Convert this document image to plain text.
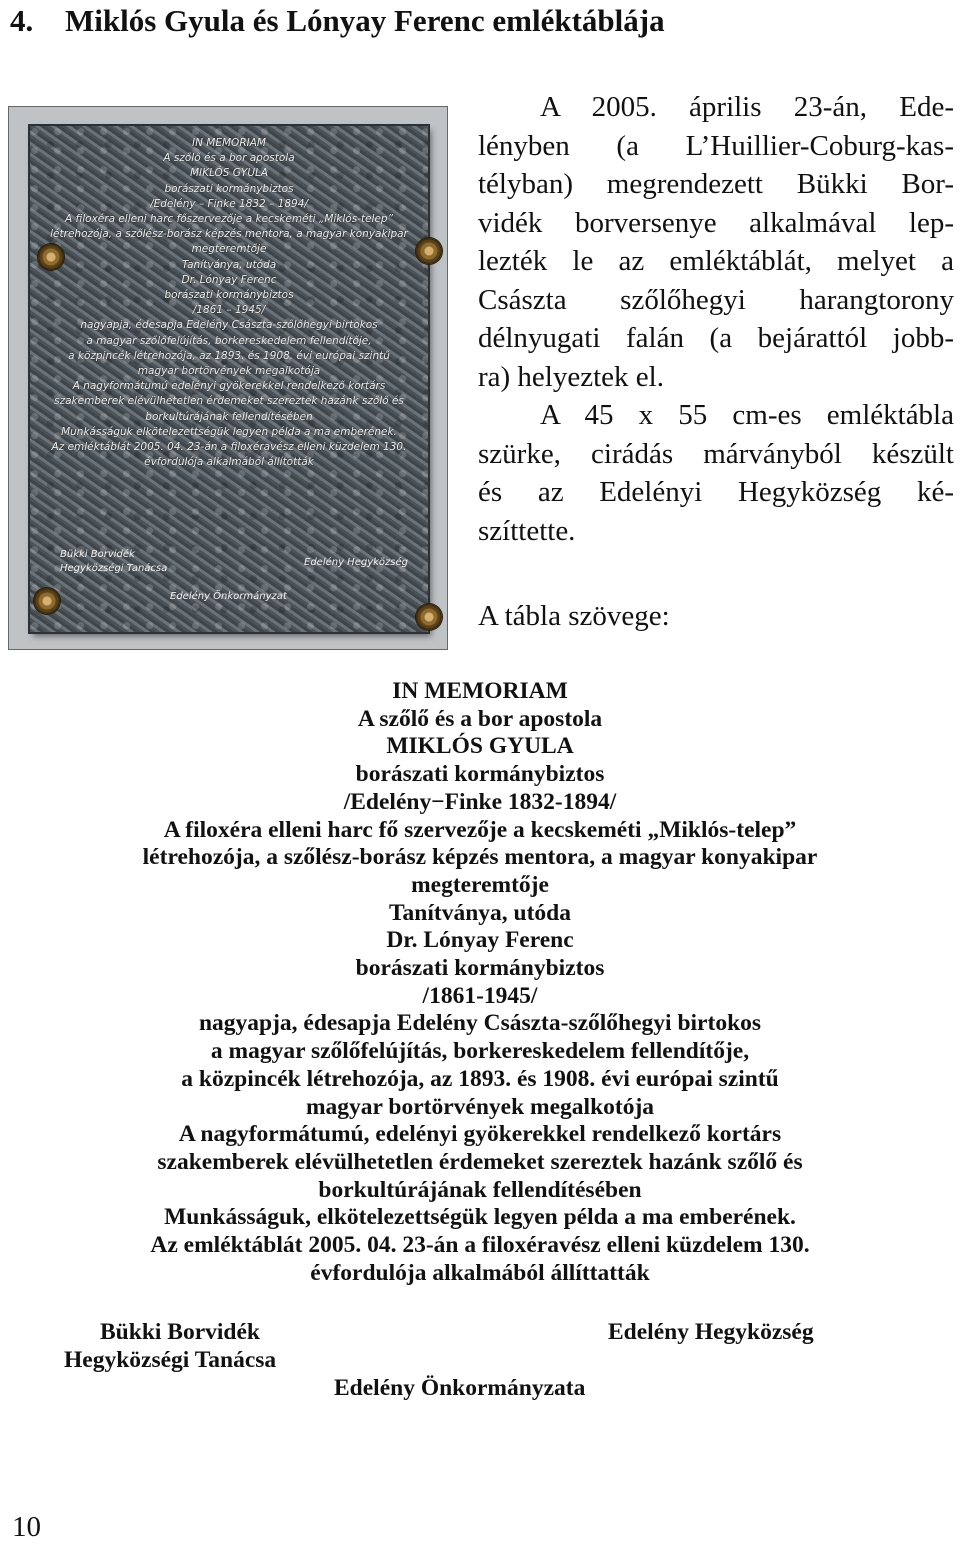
4. Miklós Gyula és Lónyay Ferenc emléktáblája
IN MEMORIAM
A szőlő és a bor apostola
MIKLÓS GYULA
borászati kormánybiztos
/Edelény – Finke 1832 – 1894/
A filoxéra elleni harc főszervezője a kecskeméti „Miklós-telep”
létrehozója, a szőlész-borász képzés mentora, a magyar konyakipar
megteremtője
Tanítványa, utóda
Dr. Lónyay Ferenc
borászati kormánybiztos
/1861 – 1945/
nagyapja, édesapja Edelény Császta-szőlőhegyi birtokos
a magyar szőlőfelújítás, borkereskedelem fellendítője,
a közpincék létrehozója, az 1893. és 1908. évi európai szintű
magyar bortörvények megalkotója
A nagyformátumú edelényi gyökerekkel rendelkező kortárs
szakemberek elévülhetetlen érdemeket szereztek hazánk szőlő és
borkultúrájának fellendítésében
Munkásságuk elkötelezettségük legyen példa a ma emberének.
Az emléktáblát 2005. 04. 23-án a filoxéravész elleni küzdelem 130.
évfordulója alkalmából állították
Bükki Borvidék
Hegyközségi Tanácsa
Edelény Hegyközség
Edelény Önkormányzat
A 2005. április 23-án, Ede-
lényben (a L’Huillier-Coburg-kas-
télyban) megrendezett Bükki Bor-
vidék borversenye alkalmával lep-
lezték le az emléktáblát, melyet a
Császta szőlőhegyi harangtorony
délnyugati falán (a bejárattól jobb-
ra) helyeztek el.
A 45 x 55 cm-es emléktábla
szürke, cirádás márványból készült
és az Edelényi Hegyközség ké-
szíttette.
A tábla szövege:
IN MEMORIAM
A szőlő és a bor apostola
MIKLÓS GYULA
borászati kormánybiztos
/Edelény−Finke 1832-1894/
A filoxéra elleni harc fő szervezője a kecskeméti „Miklós-telep”
létrehozója, a szőlész-borász képzés mentora, a magyar konyakipar
megteremtője
Tanítványa, utóda
Dr. Lónyay Ferenc
borászati kormánybiztos
/1861-1945/
nagyapja, édesapja Edelény Császta-szőlőhegyi birtokos
a magyar szőlőfelújítás, borkereskedelem fellendítője,
a közpincék létrehozója, az 1893. és 1908. évi európai szintű
magyar bortörvények megalkotója
A nagyformátumú, edelényi gyökerekkel rendelkező kortárs
szakemberek elévülhetetlen érdemeket szereztek hazánk szőlő és
borkultúrájának fellendítésében
Munkásságuk, elkötelezettségük legyen példa a ma emberének.
Az emléktáblát 2005. 04. 23-án a filoxéravész elleni küzdelem 130.
évfordulója alkalmából állíttatták
Bükki Borvidék
Hegyközségi Tanácsa
Edelény Hegyközség
Edelény Önkormányzata
10
